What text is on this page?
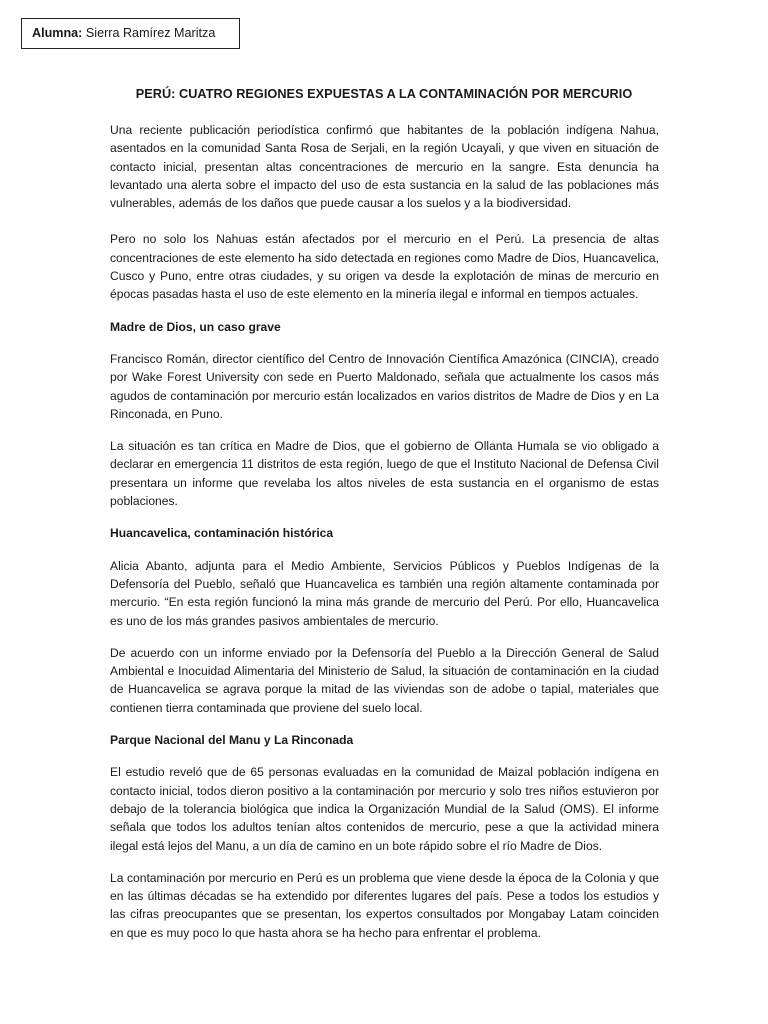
Alumna: Sierra Ramírez Maritza
PERÚ: CUATRO REGIONES EXPUESTAS A LA CONTAMINACIÓN POR MERCURIO

Una reciente publicación periodística confirmó que habitantes de la población indígena Nahua, asentados en la comunidad Santa Rosa de Serjali, en la región Ucayali, y que viven en situación de contacto inicial, presentan altas concentraciones de mercurio en la sangre. Esta denuncia ha levantado una alerta sobre el impacto del uso de esta sustancia en la salud de las poblaciones más vulnerables, además de los daños que puede causar a los suelos y a la biodiversidad.

Pero no solo los Nahuas están afectados por el mercurio en el Perú. La presencia de altas concentraciones de este elemento ha sido detectada en regiones como Madre de Dios, Huancavelica, Cusco y Puno, entre otras ciudades, y su origen va desde la explotación de minas de mercurio en épocas pasadas hasta el uso de este elemento en la minería ilegal e informal en tiempos actuales.

Madre de Dios, un caso grave

Francisco Román, director científico del Centro de Innovación Científica Amazónica (CINCIA), creado por Wake Forest University con sede en Puerto Maldonado, señala que actualmente los casos más agudos de contaminación por mercurio están localizados en varios distritos de Madre de Dios y en La Rinconada, en Puno.

La situación es tan crítica en Madre de Dios, que el gobierno de Ollanta Humala se vio obligado a declarar en emergencia 11 distritos de esta región, luego de que el Instituto Nacional de Defensa Civil presentara un informe que revelaba los altos niveles de esta sustancia en el organismo de estas poblaciones.

Huancavelica, contaminación histórica

Alicia Abanto, adjunta para el Medio Ambiente, Servicios Públicos y Pueblos Indígenas de la Defensoría del Pueblo, señaló que Huancavelica es también una región altamente contaminada por mercurio. “En esta región funcionó la mina más grande de mercurio del Perú. Por ello, Huancavelica es uno de los más grandes pasivos ambientales de mercurio.

De acuerdo con un informe enviado por la Defensoría del Pueblo a la Dirección General de Salud Ambiental e Inocuidad Alimentaria del Ministerio de Salud, la situación de contaminación en la ciudad de Huancavelica se agrava porque la mitad de las viviendas son de adobe o tapial, materiales que contienen tierra contaminada que proviene del suelo local.

Parque Nacional del Manu y La Rinconada

El estudio reveló que de 65 personas evaluadas en la comunidad de Maizal población indígena en contacto inicial, todos dieron positivo a la contaminación por mercurio y solo tres niños estuvieron por debajo de la tolerancia biológica que indica la Organización Mundial de la Salud (OMS). El informe señala que todos los adultos tenían altos contenidos de mercurio, pese a que la actividad minera ilegal está lejos del Manu, a un día de camino en un bote rápido sobre el río Madre de Dios.

La contaminación por mercurio en Perú es un problema que viene desde la época de la Colonia y que en las últimas décadas se ha extendido por diferentes lugares del país. Pese a todos los estudios y las cifras preocupantes que se presentan, los expertos consultados por Mongabay Latam coinciden en que es muy poco lo que hasta ahora se ha hecho para enfrentar el problema.
